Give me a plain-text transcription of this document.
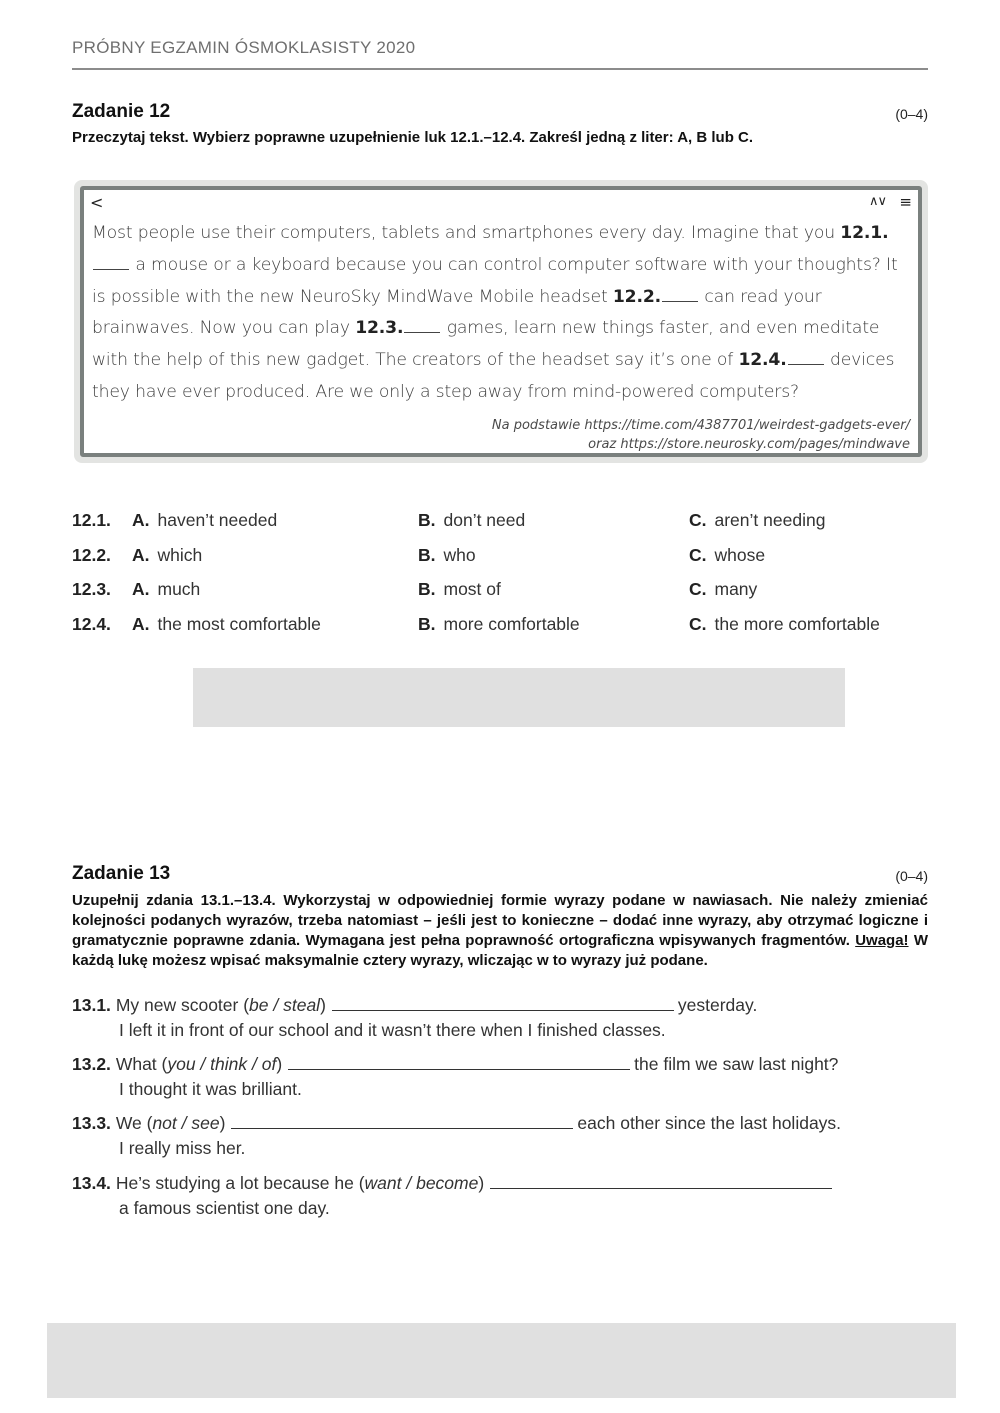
PRÓBNY EGZAMIN ÓSMOKLASISTY 2020
Zadanie 12	(0–4)
Przeczytaj tekst. Wybierz poprawne uzupełnienie luk 12.1.–12.4. Zakreśl jedną z liter: A, B lub C.
<	∧∨ ≡
Most people use their computers, tablets and smartphones every day. Imagine that you 12.1. a mouse or a keyboard because you can control computer software with your thoughts? It is possible with the new NeuroSky MindWave Mobile headset 12.2.	can read your brainwaves. Now you can play 12.3.	games, learn new things faster, and even meditate with the help of this new gadget. The creators of the headset say it’s one of 12.4.	devices they have ever produced. Are we only a step away from mind-powered computers?
Na podstawie https://time.com/4387701/weirdest-gadgets-ever/
oraz https://store.neurosky.com/pages/mindwave
12.1. A. haven’t needed	B. don’t need	C. aren’t needing
12.2. A. which	B. who	C. whose
12.3. A. much	B. most of	C. many
12.4. A. the most comfortable	B. more comfortable	C. the more comfortable
Zadanie 13	(0–4)
Uzupełnij zdania 13.1.–13.4. Wykorzystaj w odpowiedniej formie wyrazy podane w nawiasach. Nie należy zmieniać kolejności podanych wyrazów, trzeba natomiast – jeśli jest to konieczne – dodać inne wyrazy, aby otrzymać logiczne i gramatycznie poprawne zdania. Wymagana jest pełna poprawność ortograficzna wpisywanych fragmentów. Uwaga! W każdą lukę możesz wpisać maksymalnie cztery wyrazy, wliczając w to wyrazy już podane.
13.1. My new scooter (be / steal)	yesterday.
I left it in front of our school and it wasn’t there when I finished classes.
13.2. What (you / think / of)	the film we saw last night?
I thought it was brilliant.
13.3. We (not / see)	each other since the last holidays.
I really miss her.
13.4. He’s studying a lot because he (want / become)
a famous scientist one day.
